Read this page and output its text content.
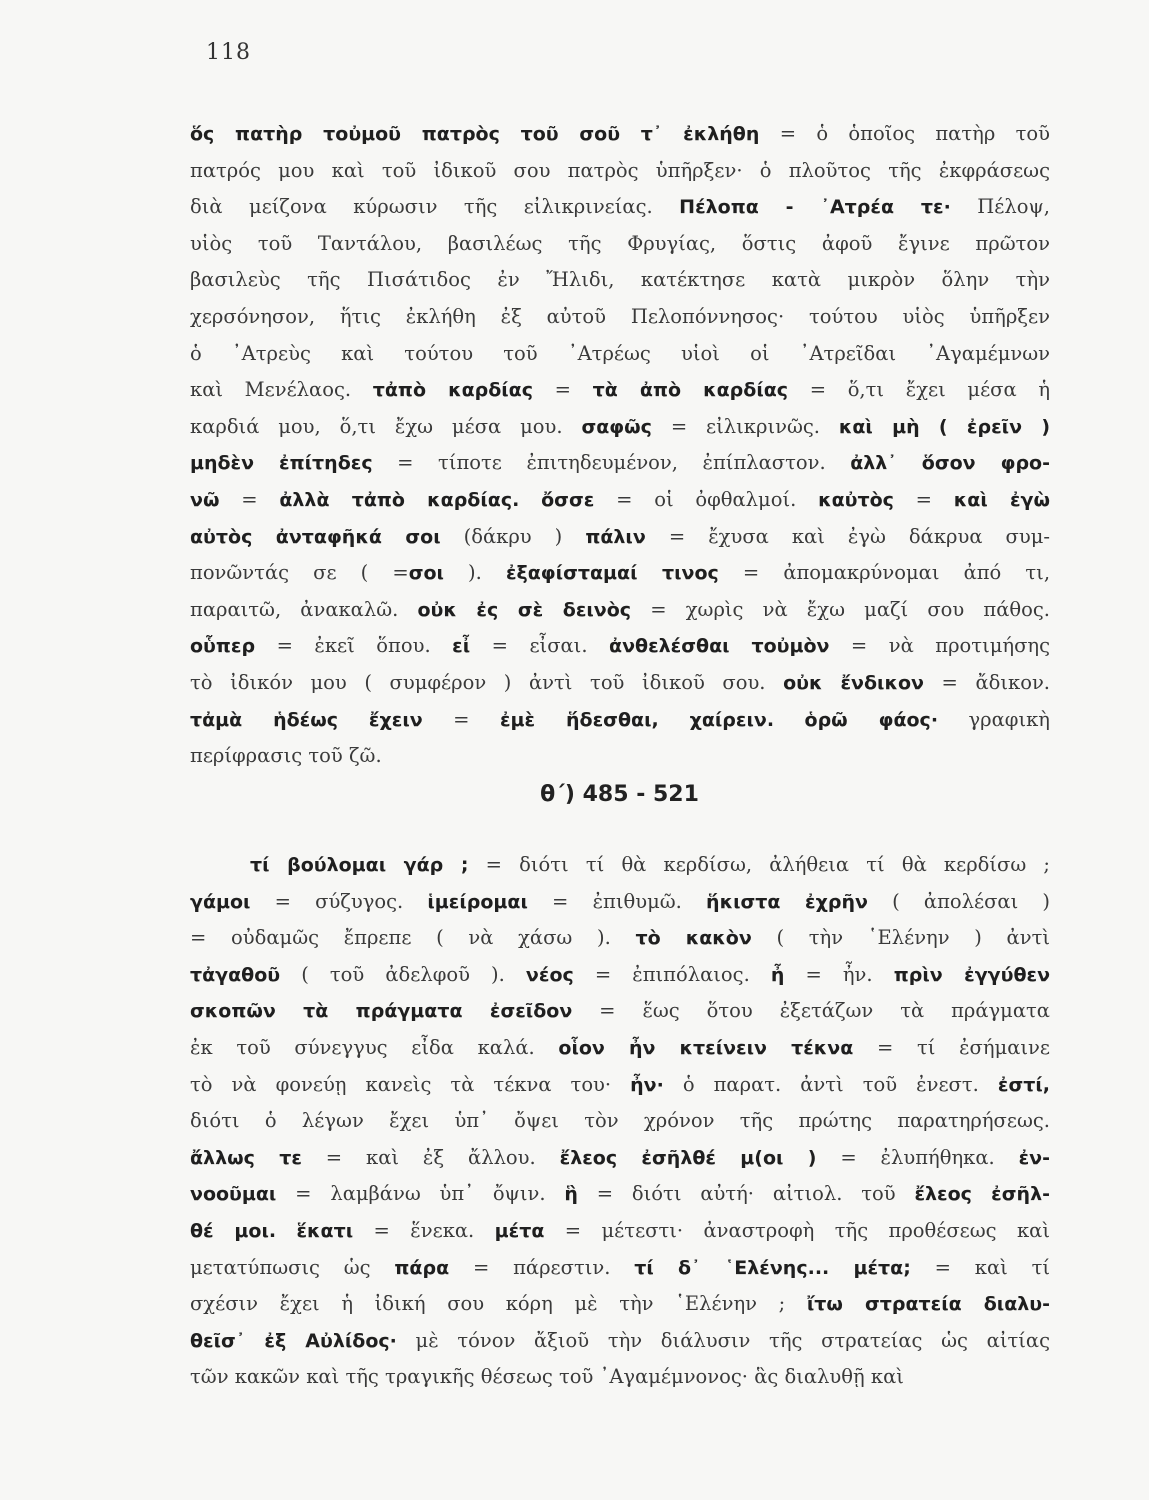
118
ὅς πατὴρ τοὐμοῦ πατρὸς τοῦ σοῦ τ᾽ ἐκλήθη = ὁ ὁποῖος πατὴρ τοῦ
πατρός μου καὶ τοῦ ἰδικοῦ σου πατρὸς ὑπῆρξεν· ὁ πλοῦτος τῆς ἐκφράσεως
διὰ μείζονα κύρωσιν τῆς εἰλικρινείας. Πέλοπα - ᾿Ατρέα τε· Πέλοψ,
υἱὸς τοῦ Ταντάλου, βασιλέως τῆς Φρυγίας, ὅστις ἀφοῦ ἔγινε πρῶτον
βασιλεὺς τῆς Πισάτιδος ἐν Ἤλιδι, κατέκτησε κατὰ μικρὸν ὅλην τὴν
χερσόνησον, ἥτις ἐκλήθη ἐξ αὐτοῦ Πελοπόννησος· τούτου υἱὸς ὑπῆρξεν
ὁ ᾿Ατρεὺς καὶ τούτου τοῦ ᾿Ατρέως υἱοὶ οἱ ᾿Ατρεῖδαι ᾿Αγαμέμνων
καὶ Μενέλαος. τἀπὸ καρδίας = τὰ ἀπὸ καρδίας = ὅ,τι ἔχει μέσα ἡ
καρδιά μου, ὅ,τι ἔχω μέσα μου. σαφῶς = εἰλικρινῶς. καὶ μὴ ( ἐρεῖν )
μηδὲν ἐπίτηδες = τίποτε ἐπιτηδευμένον, ἐπίπλαστον. ἀλλ᾽ ὅσον φρο-
νῶ = ἀλλὰ τἀπὸ καρδίας. ὄσσε = οἱ ὀφθαλμοί. καὐτὸς = καὶ ἐγὼ
αὐτὸς ἀνταφῆκά σοι (δάκρυ ) πάλιν = ἔχυσα καὶ ἐγὼ δάκρυα συμ-
πονῶντάς σε ( =σοι ). ἐξαφίσταμαί τινος = ἀπομακρύνομαι ἀπό τι,
παραιτῶ, ἀνακαλῶ. οὐκ ἐς σὲ δεινὸς = χωρὶς νὰ ἔχω μαζί σου πάθος.
οὗπερ = ἐκεῖ ὅπου. εἶ = εἶσαι. ἀνθελέσθαι τοὐμὸν = νὰ προτιμήσης
τὸ ἰδικόν μου ( συμφέρον ) ἀντὶ τοῦ ἰδικοῦ σου. οὐκ ἔνδικον = ἄδικον.
τἀμὰ ἡδέως ἔχειν = ἐμὲ ἥδεσθαι, χαίρειν. ὁρῶ φάος· γραφικὴ
περίφρασις τοῦ ζῶ.
θ΄) 485 - 521
τί βούλομαι γάρ ; = διότι τί θὰ κερδίσω, ἀλήθεια τί θὰ κερδίσω ;
γάμοι = σύζυγος. ἱμείρομαι = ἐπιθυμῶ. ἥκιστα ἐχρῆν ( ἀπολέσαι )
= οὐδαμῶς ἔπρεπε ( νὰ χάσω ). τὸ κακὸν ( τὴν ῾Ελένην ) ἀντὶ
τἀγαθοῦ ( τοῦ ἀδελφοῦ ). νέος = ἐπιπόλαιος. ἦ = ἦν. πρὶν ἐγγύθεν
σκοπῶν τὰ πράγματα ἐσεῖδον = ἕως ὅτου ἐξετάζων τὰ πράγματα
ἐκ τοῦ σύνεγγυς εἶδα καλά. οἷον ἦν κτείνειν τέκνα = τί ἐσήμαινε
τὸ νὰ φονεύῃ κανεὶς τὰ τέκνα του· ἦν· ὁ παρατ. ἀντὶ τοῦ ἐνεστ. ἐστί,
διότι ὁ λέγων ἔχει ὑπ᾽ ὄψει τὸν χρόνον τῆς πρώτης παρατηρήσεως.
ἄλλως τε = καὶ ἐξ ἄλλου. ἔλεος ἐσῆλθέ μ(οι ) = ἐλυπήθηκα. ἐν-
νοοῦμαι = λαμβάνω ὑπ᾽ ὄψιν. ἣ = διότι αὐτή· αἰτιολ. τοῦ ἔλεος ἐσῆλ-
θέ μοι. ἕκατι = ἕνεκα. μέτα = μέτεστι· ἀναστροφὴ τῆς προθέσεως καὶ
μετατύπωσις ὡς πάρα = πάρεστιν. τί δ᾽ ῾Ελένης... μέτα; = καὶ τί
σχέσιν ἔχει ἡ ἰδική σου κόρη μὲ τὴν ῾Ελένην ; ἴτω στρατεία διαλυ-
θεῖσ᾽ ἐξ Αὐλίδος· μὲ τόνον ἄξιοῦ τὴν διάλυσιν τῆς στρατείας ὡς αἰτίας
τῶν κακῶν καὶ τῆς τραγικῆς θέσεως τοῦ ᾿Αγαμέμνονος· ἃς διαλυθῇ καὶ
